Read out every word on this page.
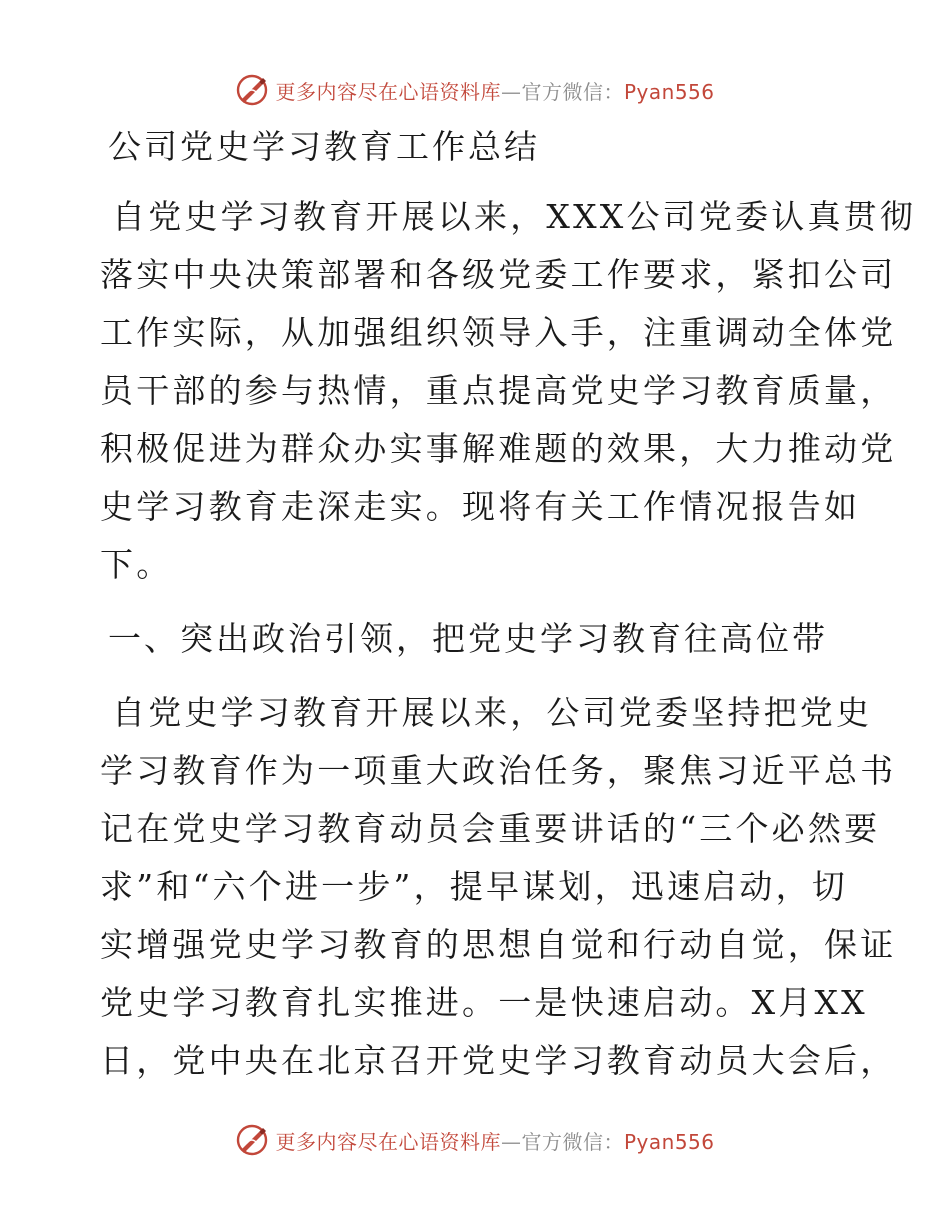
更多内容尽在心语资料库—官方微信：Pyan556
公司党史学习教育工作总结

自党史学习教育开展以来，XXX公司党委认真贯彻
落实中央决策部署和各级党委工作要求，紧扣公司
工作实际，从加强组织领导入手，注重调动全体党
员干部的参与热情，重点提高党史学习教育质量，
积极促进为群众办实事解难题的效果，大力推动党
史学习教育走深走实。现将有关工作情况报告如
下。

一、突出政治引领，把党史学习教育往高位带

自党史学习教育开展以来，公司党委坚持把党史
学习教育作为一项重大政治任务，聚焦习近平总书
记在党史学习教育动员会重要讲话的“三个必然要
求”和“六个进一步”，提早谋划，迅速启动，切
实增强党史学习教育的思想自觉和行动自觉，保证
党史学习教育扎实推进。一是快速启动。X月XX
日，党中央在北京召开党史学习教育动员大会后，

更多内容尽在心语资料库—官方微信：Pyan556
